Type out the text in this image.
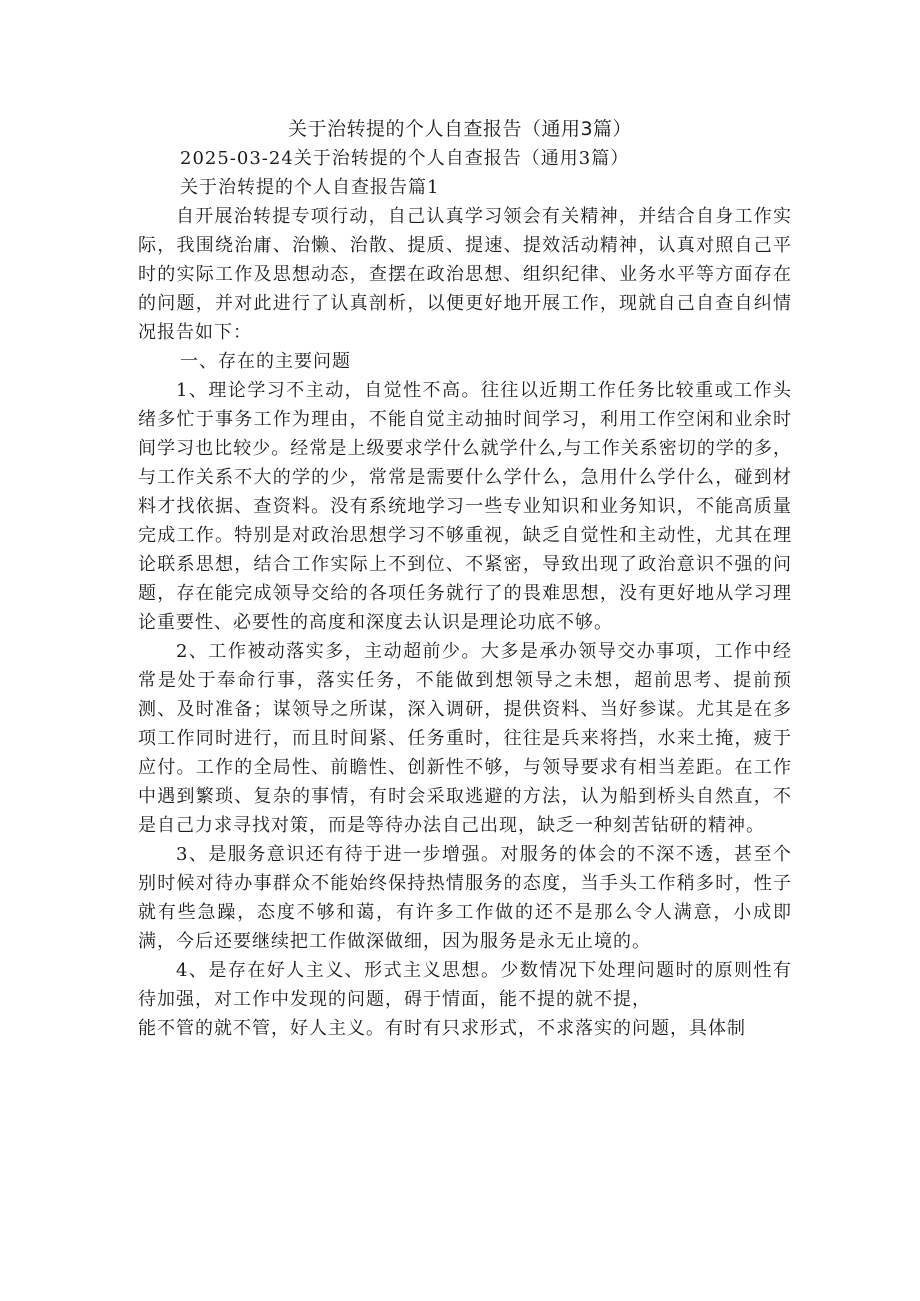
关于治转提的个人自查报告（通用3篇）
2025-03-24关于治转提的个人自查报告（通用3篇）
关于治转提的个人自查报告篇1
自开展治转提专项行动，自己认真学习领会有关精神，并结合自身工作实际，我围绕治庸、治懒、治散、提质、提速、提效活动精神，认真对照自己平时的实际工作及思想动态，查摆在政治思想、组织纪律、业务水平等方面存在的问题，并对此进行了认真剖析，以便更好地开展工作，现就自己自查自纠情况报告如下：
一、存在的主要问题
1、理论学习不主动，自觉性不高。往往以近期工作任务比较重或工作头绪多忙于事务工作为理由，不能自觉主动抽时间学习，利用工作空闲和业余时间学习也比较少。经常是上级要求学什么就学什么,与工作关系密切的学的多，与工作关系不大的学的少，常常是需要什么学什么，急用什么学什么，碰到材料才找依据、查资料。没有系统地学习一些专业知识和业务知识，不能高质量完成工作。特别是对政治思想学习不够重视，缺乏自觉性和主动性，尤其在理论联系思想，结合工作实际上不到位、不紧密，导致出现了政治意识不强的问题，存在能完成领导交给的各项任务就行了的畏难思想，没有更好地从学习理论重要性、必要性的高度和深度去认识是理论功底不够。
2、工作被动落实多，主动超前少。大多是承办领导交办事项，工作中经常是处于奉命行事，落实任务，不能做到想领导之未想，超前思考、提前预测、及时准备；谋领导之所谋，深入调研，提供资料、当好参谋。尤其是在多项工作同时进行，而且时间紧、任务重时，往往是兵来将挡，水来土掩，疲于应付。工作的全局性、前瞻性、创新性不够，与领导要求有相当差距。在工作中遇到繁琐、复杂的事情，有时会采取逃避的方法，认为船到桥头自然直，不是自己力求寻找对策，而是等待办法自己出现，缺乏一种刻苦钻研的精神。
3、是服务意识还有待于进一步增强。对服务的体会的不深不透，甚至个别时候对待办事群众不能始终保持热情服务的态度，当手头工作稍多时，性子就有些急躁，态度不够和蔼，有许多工作做的还不是那么令人满意，小成即满，今后还要继续把工作做深做细，因为服务是永无止境的。
4、是存在好人主义、形式主义思想。少数情况下处理问题时的原则性有待加强，对工作中发现的问题，碍于情面，能不提的就不提，
能不管的就不管，好人主义。有时有只求形式，不求落实的问题，具体制
